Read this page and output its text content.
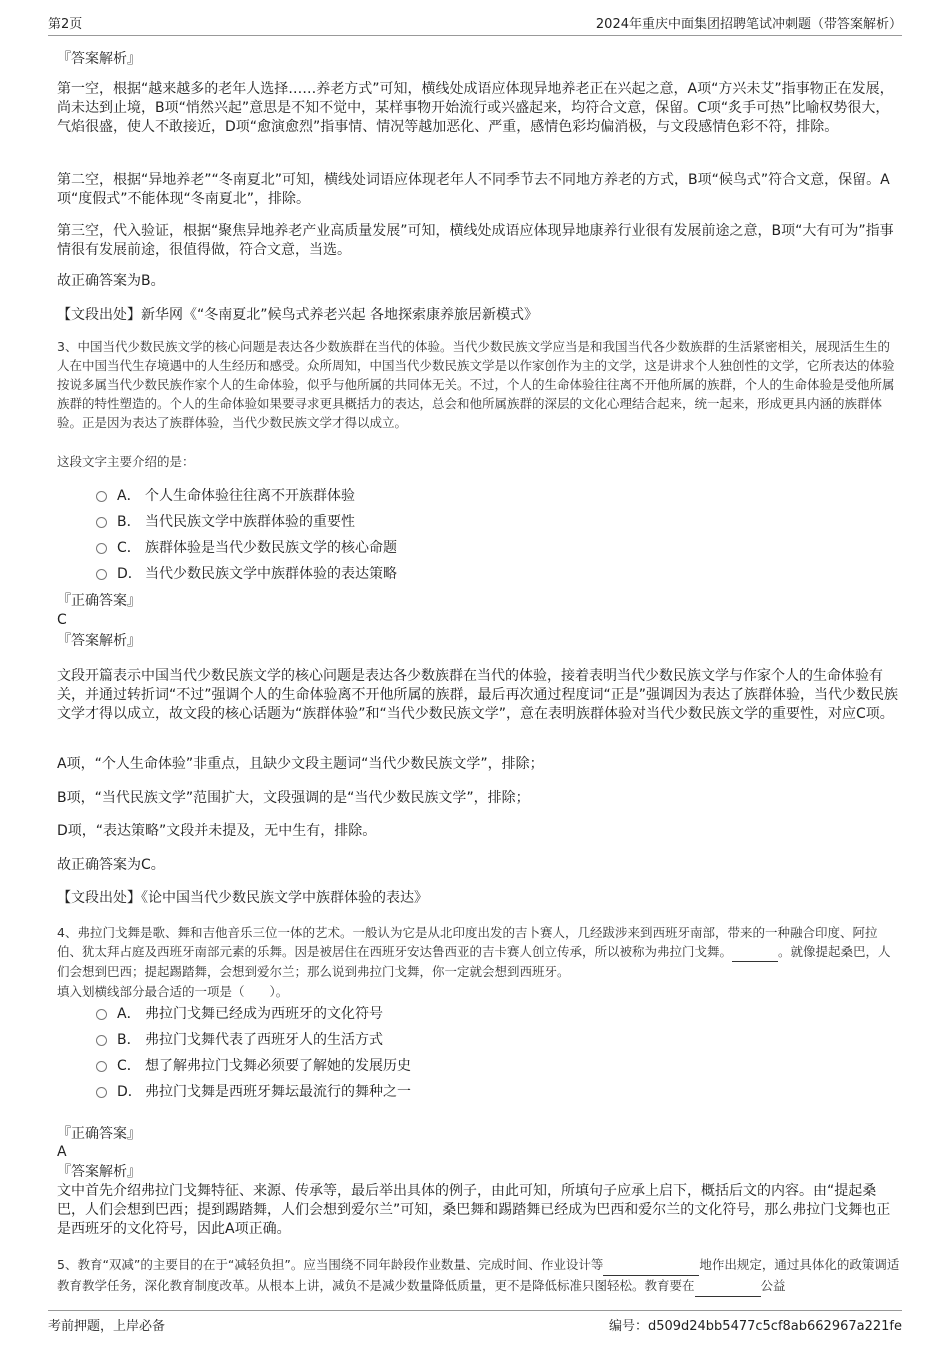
第2页	2024年重庆中面集团招聘笔试冲刺题（带答案解析）

『答案解析』

第一空，根据“越来越多的老年人选择……养老方式”可知，横线处成语应体现异地养老正在兴起之意，A项“方兴未艾”指事物正在发展，尚未达到止境，B项“悄然兴起”意思是不知不觉中，某样事物开始流行或兴盛起来，均符合文意，保留。C项“炙手可热”比喻权势很大，气焰很盛，使人不敢接近，D项“愈演愈烈”指事情、情况等越加恶化、严重，感情色彩均偏消极，与文段感情色彩不符，排除。

第二空，根据“异地养老”“冬南夏北”可知，横线处词语应体现老年人不同季节去不同地方养老的方式，B项“候鸟式”符合文意，保留。A项“度假式”不能体现“冬南夏北”，排除。

第三空，代入验证，根据“聚焦异地养老产业高质量发展”可知，横线处成语应体现异地康养行业很有发展前途之意，B项“大有可为”指事情很有发展前途，很值得做，符合文意，当选。

故正确答案为B。

【文段出处】新华网《“冬南夏北”候鸟式养老兴起 各地探索康养旅居新模式》

3、中国当代少数民族文学的核心问题是表达各少数族群在当代的体验。当代少数民族文学应当是和我国当代各少数族群的生活紧密相关，展现活生生的人在中国当代生存境遇中的人生经历和感受。众所周知，中国当代少数民族文学是以作家创作为主的文学，这是讲求个人独创性的文学，它所表达的体验按说多属当代少数民族作家个人的生命体验，似乎与他所属的共同体无关。不过，个人的生命体验往往离不开他所属的族群，个人的生命体验是受他所属族群的特性塑造的。个人的生命体验如果要寻求更具概括力的表达，总会和他所属族群的深层的文化心理结合起来，统一起来，形成更具内涵的族群体验。正是因为表达了族群体验，当代少数民族文学才得以成立。

这段文字主要介绍的是：

A． 个人生命体验往往离不开族群体验
B． 当代民族文学中族群体验的重要性
C． 族群体验是当代少数民族文学的核心命题
D． 当代少数民族文学中族群体验的表达策略

『正确答案』

C

『答案解析』

文段开篇表示中国当代少数民族文学的核心问题是表达各少数族群在当代的体验，接着表明当代少数民族文学与作家个人的生命体验有关，并通过转折词“不过”强调个人的生命体验离不开他所属的族群，最后再次通过程度词“正是”强调因为表达了族群体验，当代少数民族文学才得以成立，故文段的核心话题为“族群体验”和“当代少数民族文学”，意在表明族群体验对当代少数民族文学的重要性，对应C项。

A项，“个人生命体验”非重点，且缺少文段主题词“当代少数民族文学”，排除；

B项，“当代民族文学”范围扩大，文段强调的是“当代少数民族文学”，排除；

D项，“表达策略”文段并未提及，无中生有，排除。

故正确答案为C。

【文段出处】《论中国当代少数民族文学中族群体验的表达》

4、弗拉门戈舞是歌、舞和吉他音乐三位一体的艺术。一般认为它是从北印度出发的吉卜赛人，几经跋涉来到西班牙南部，带来的一种融合印度、阿拉伯、犹太拜占庭及西班牙南部元素的乐舞。因是被居住在西班牙安达鲁西亚的吉卡赛人创立传承，所以被称为弗拉门戈舞。	。就像提起桑巴，人们会想到巴西；提起踢踏舞，会想到爱尔兰；那么说到弗拉门戈舞，你一定就会想到西班牙。

填入划横线部分最合适的一项是（　　）。

A． 弗拉门戈舞已经成为西班牙的文化符号
B． 弗拉门戈舞代表了西班牙人的生活方式
C． 想了解弗拉门戈舞必须要了解她的发展历史
D． 弗拉门戈舞是西班牙舞坛最流行的舞种之一

『正确答案』

A

『答案解析』

文中首先介绍弗拉门戈舞特征、来源、传承等，最后举出具体的例子，由此可知，所填句子应承上启下，概括后文的内容。由“提起桑巴，人们会想到巴西；提到踢踏舞，人们会想到爱尔兰”可知，桑巴舞和踢踏舞已经成为巴西和爱尔兰的文化符号，那么弗拉门戈舞也正是西班牙的文化符号，因此A项正确。

5、教育“双减”的主要目的在于“减轻负担”。应当围绕不同年龄段作业数量、完成时间、作业设计等	地作出规定，通过具体化的政策调适教育教学任务，深化教育制度改革。从根本上讲，减负不是减少数量降低质量，更不是降低标准只图轻松。教育要在	公益

考前押题，上岸必备	编号：d509d24bb5477c5cf8ab662967a221fe
